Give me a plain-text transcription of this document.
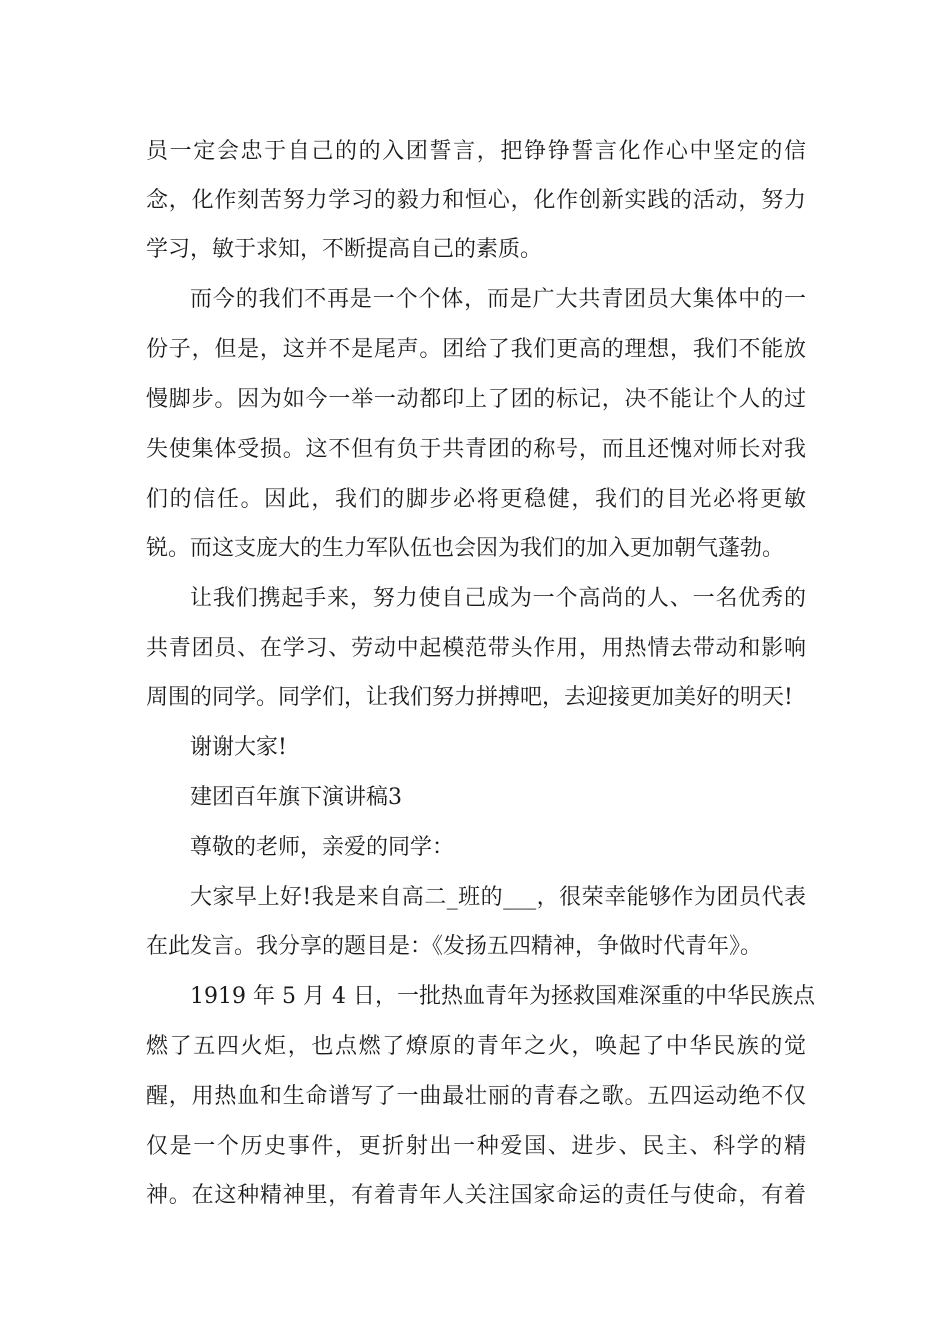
员一定会忠于自己的的入团誓言，把铮铮誓言化作心中坚定的信
念，化作刻苦努力学习的毅力和恒心，化作创新实践的活动，努力
学习，敏于求知，不断提高自己的素质。
而今的我们不再是一个个体，而是广大共青团员大集体中的一
份子，但是，这并不是尾声。团给了我们更高的理想，我们不能放
慢脚步。因为如今一举一动都印上了团的标记，决不能让个人的过
失使集体受损。这不但有负于共青团的称号，而且还愧对师长对我
们的信任。因此，我们的脚步必将更稳健，我们的目光必将更敏
锐。而这支庞大的生力军队伍也会因为我们的加入更加朝气蓬勃。
让我们携起手来，努力使自己成为一个高尚的人、一名优秀的
共青团员、在学习、劳动中起模范带头作用，用热情去带动和影响
周围的同学。同学们，让我们努力拼搏吧，去迎接更加美好的明天!
谢谢大家!
建团百年旗下演讲稿3
尊敬的老师，亲爱的同学：
大家早上好!我是来自高二_班的___，很荣幸能够作为团员代表
在此发言。我分享的题目是：《发扬五四精神，争做时代青年》。
1919 年 5 月 4 日，一批热血青年为拯救国难深重的中华民族点
燃了五四火炬，也点燃了燎原的青年之火，唤起了中华民族的觉
醒，用热血和生命谱写了一曲最壮丽的青春之歌。五四运动绝不仅
仅是一个历史事件，更折射出一种爱国、进步、民主、科学的精
神。在这种精神里，有着青年人关注国家命运的责任与使命，有着
